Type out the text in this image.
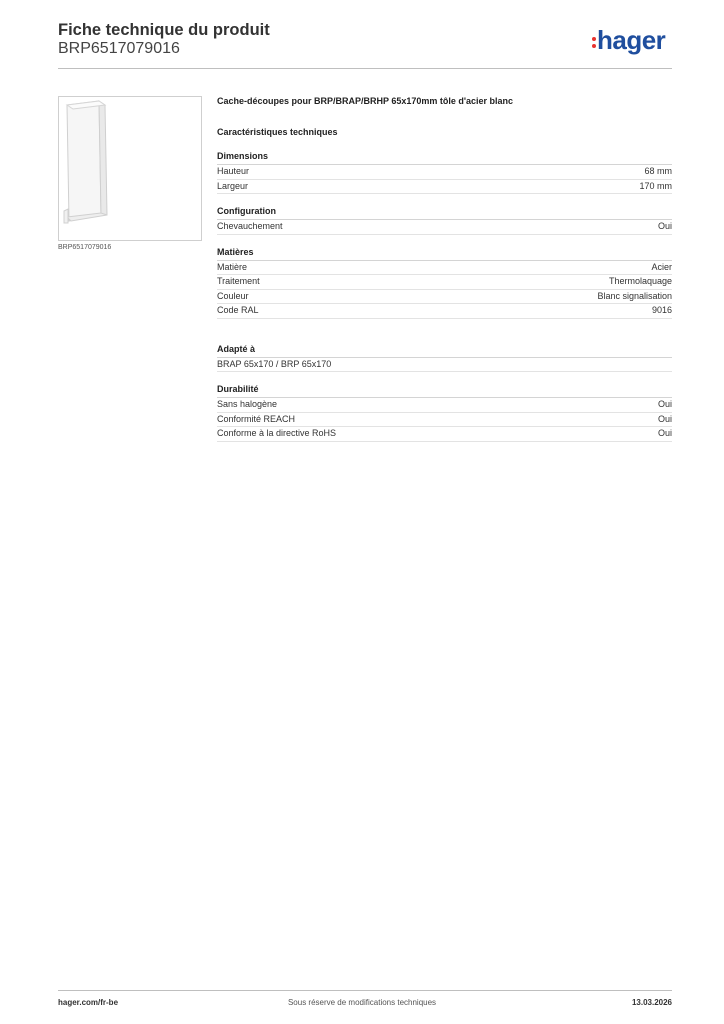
Fiche technique du produit
BRP6517079016	hager
BRP6517079016
Cache-découpes pour BRP/BRAP/BRHP 65x170mm tôle d'acier blanc
Caractéristiques techniques
Dimensions
Hauteur	68 mm
Largeur	170 mm
Configuration
Chevauchement	Oui
Matières
Matière	Acier
Traitement	Thermolaquage
Couleur	Blanc signalisation
Code RAL	9016
Adapté à
BRAP 65x170 / BRP 65x170
Durabilité
Sans halogène	Oui
Conformité REACH	Oui
Conforme à la directive RoHS	Oui
hager.com/fr-be	Sous réserve de modifications techniques	13.03.2026
